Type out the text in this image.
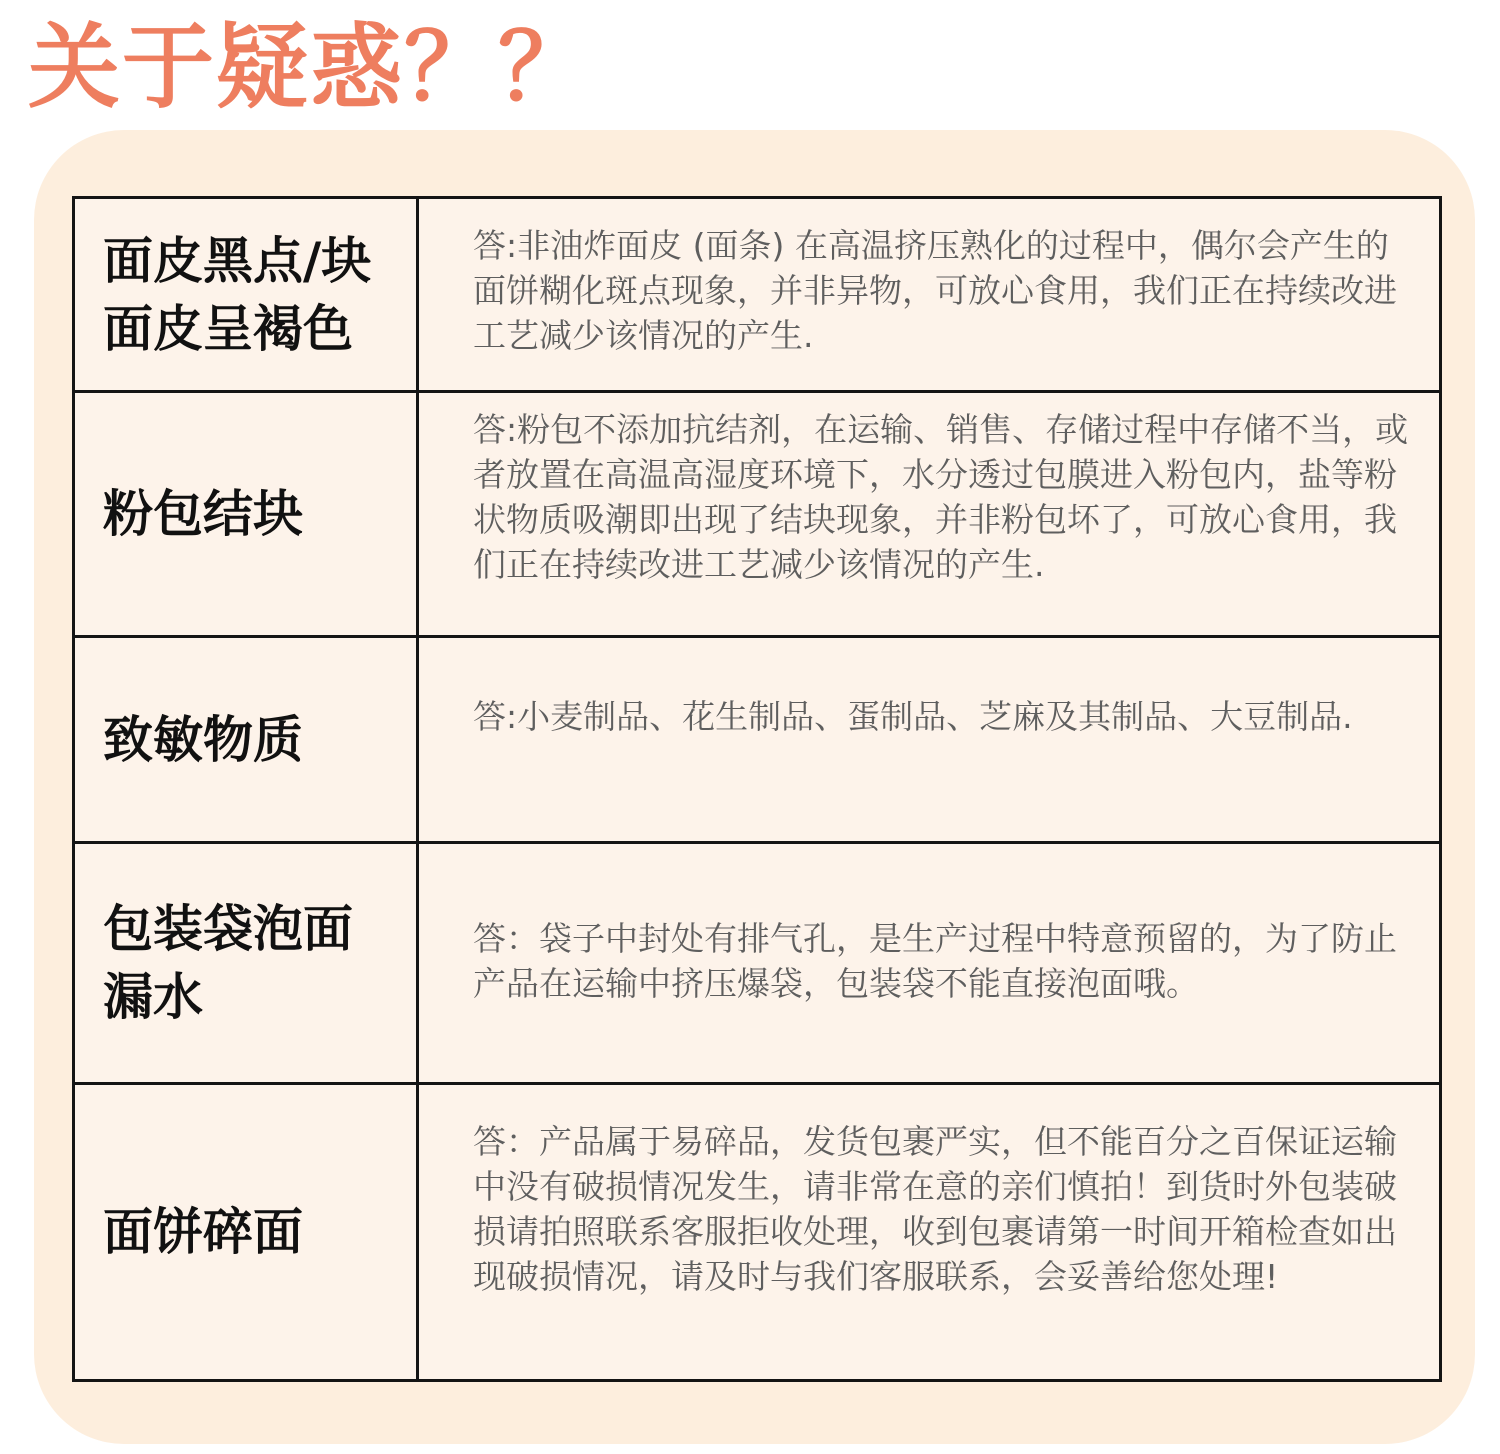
关于疑惑？？
面皮黑点/块
面皮呈褐色	答:非油炸面皮 (面条) 在高温挤压熟化的过程中，偶尔会产生的面饼糊化斑点现象，并非异物，可放心食用，我们正在持续改进工艺减少该情况的产生.

粉包结块	答:粉包不添加抗结剂，在运输、销售、存储过程中存储不当，或者放置在高温高湿度环境下，水分透过包膜进入粉包内，盐等粉状物质吸潮即出现了结块现象，并非粉包坏了，可放心食用，我们正在持续改进工艺减少该情况的产生.

致敏物质	答:小麦制品、花生制品、蛋制品、芝麻及其制品、大豆制品.

包装袋泡面
漏水	答：袋子中封处有排气孔，是生产过程中特意预留的，为了防止产品在运输中挤压爆袋，包装袋不能直接泡面哦。

面饼碎面	答：产品属于易碎品，发货包裹严实，但不能百分之百保证运输中没有破损情况发生，请非常在意的亲们慎拍！到货时外包装破损请拍照联系客服拒收处理，收到包裹请第一时间开箱检查如出现破损情况，请及时与我们客服联系，会妥善给您处理!
